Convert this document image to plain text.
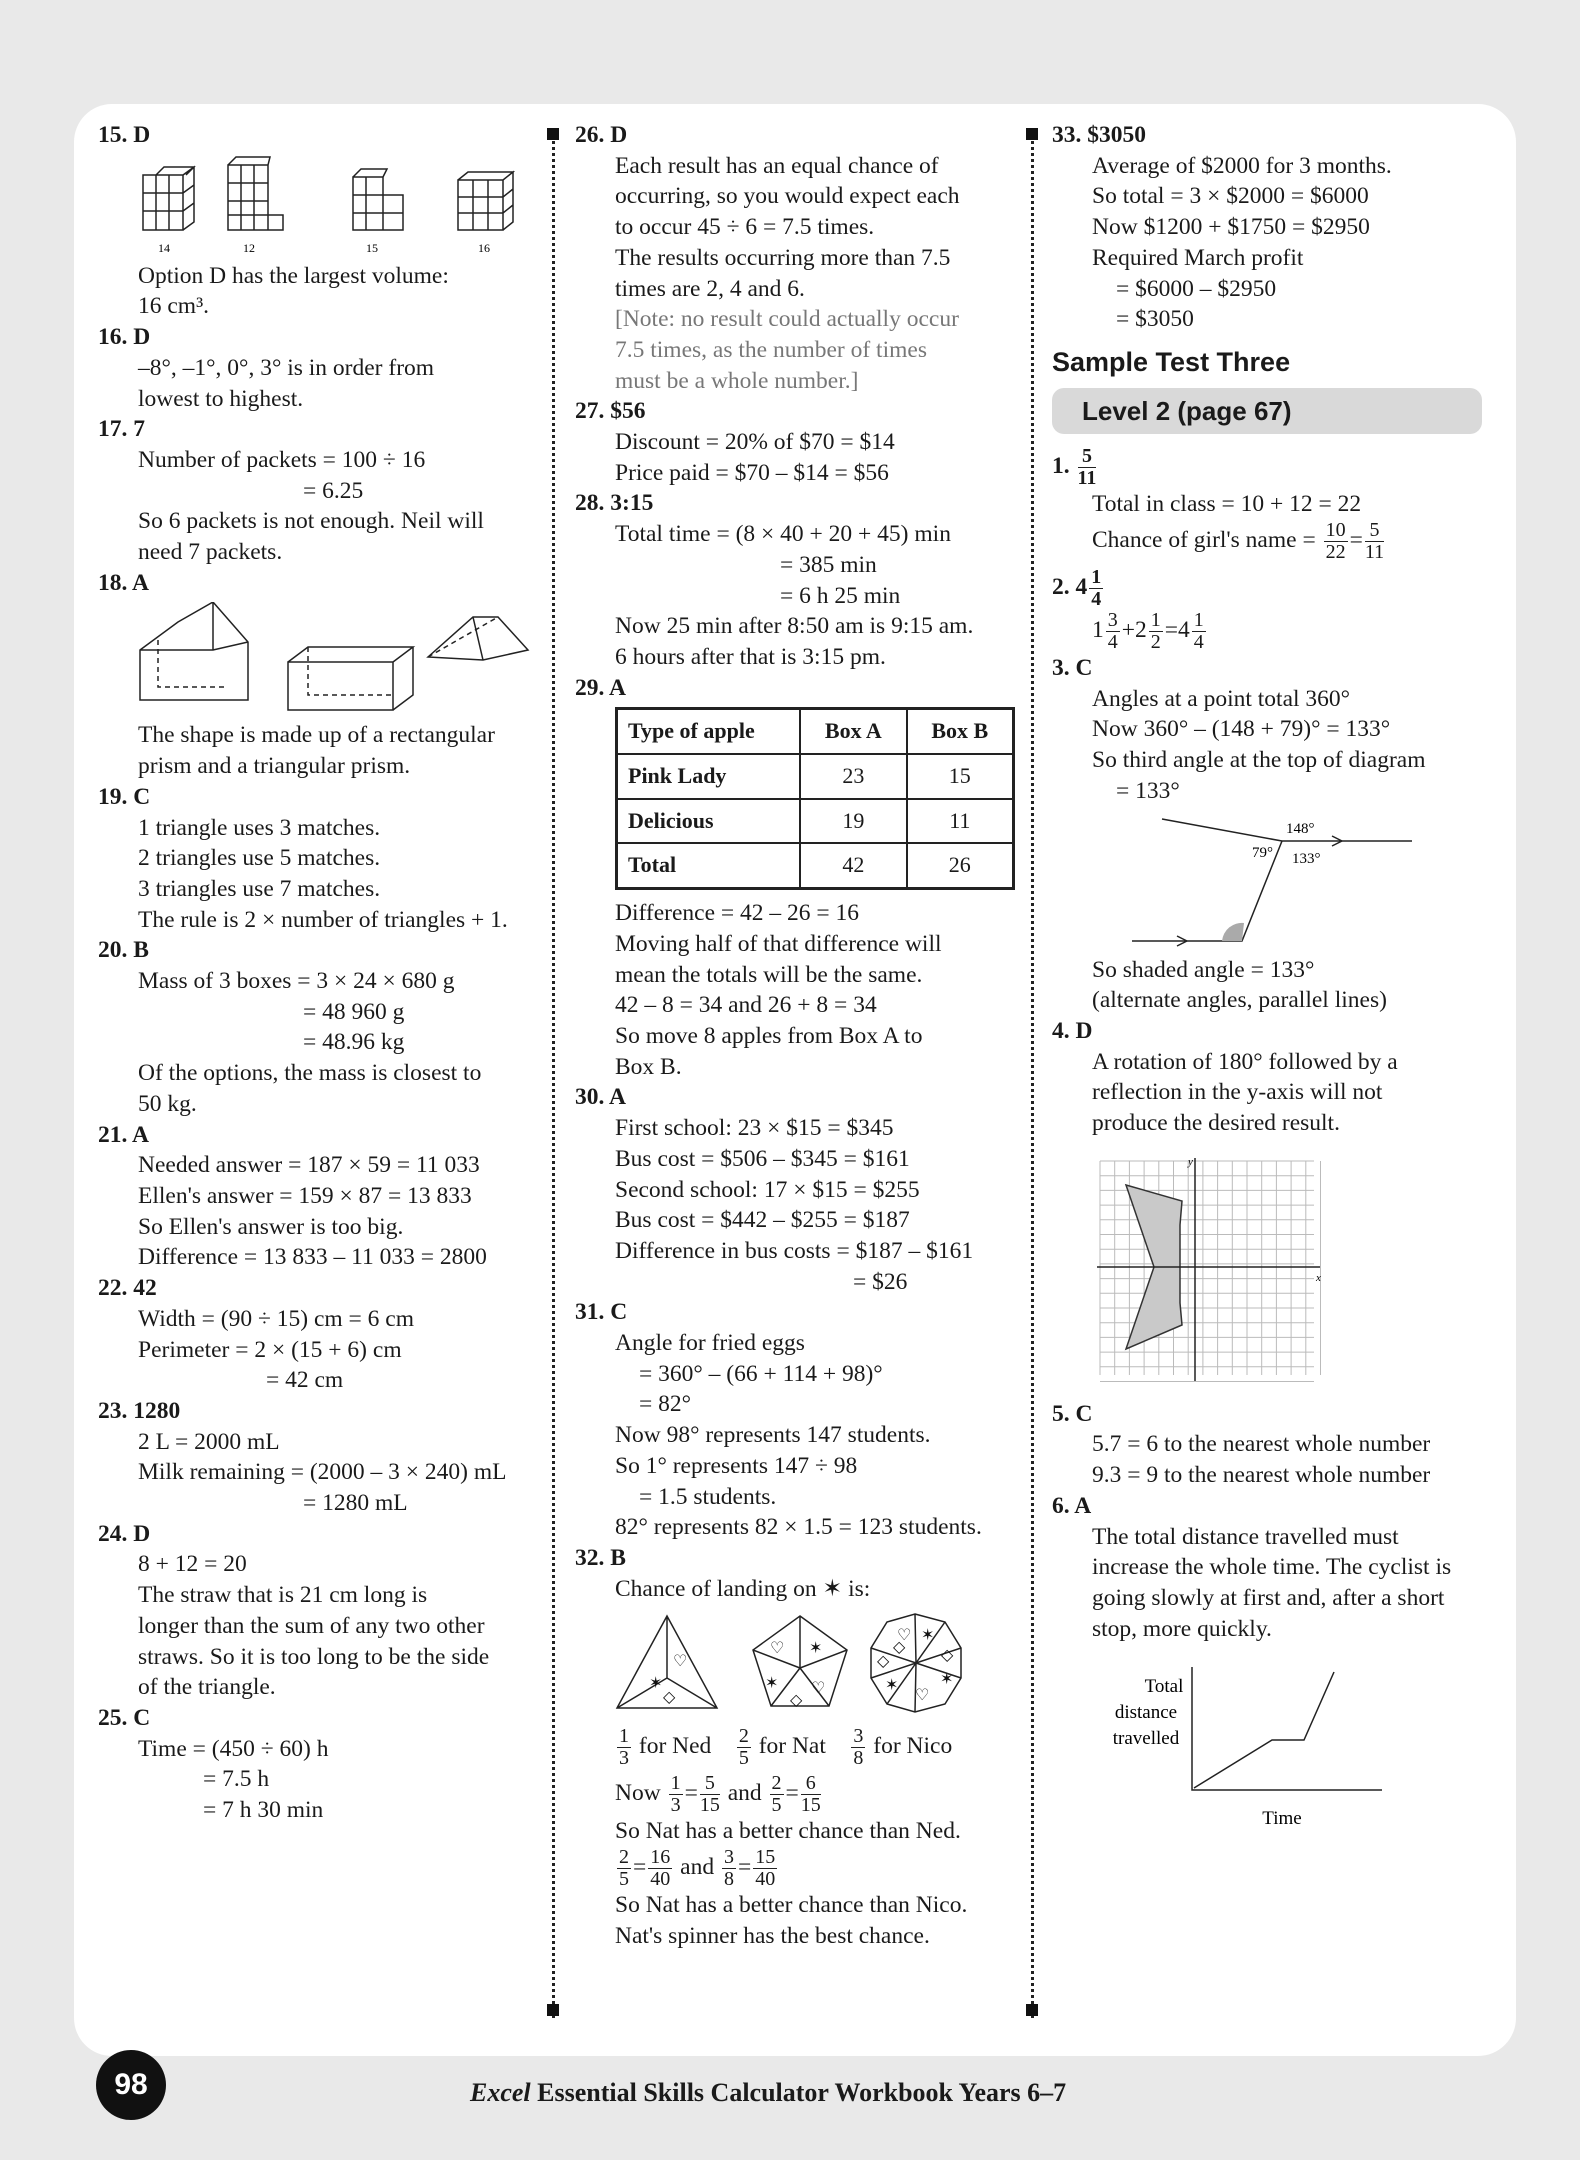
15. D

14	12	15	16

Option D has the largest volume:

16 cm³.

16. D

–8°, –1°, 0°, 3° is in order from

lowest to highest.

17. 7

Number of packets = 100 ÷ 16

= 6.25

So 6 packets is not enough. Neil will

need 7 packets.

18. A

The shape is made up of a rectangular

prism and a triangular prism.

19. C

1 triangle uses 3 matches.

2 triangles use 5 matches.

3 triangles use 7 matches.

The rule is 2 × number of triangles + 1.

20. B

Mass of 3 boxes = 3 × 24 × 680 g

= 48 960 g

= 48.96 kg

Of the options, the mass is closest to

50 kg.

21. A

Needed answer = 187 × 59 = 11 033

Ellen's answer = 159 × 87 = 13 833

So Ellen's answer is too big.

Difference = 13 833 – 11 033 = 2800

22. 42

Width = (90 ÷ 15) cm = 6 cm

Perimeter = 2 × (15 + 6) cm

= 42 cm

23. 1280

2 L = 2000 mL

Milk remaining = (2000 – 3 × 240) mL

= 1280 mL

24. D

8 + 12 = 20

The straw that is 21 cm long is

longer than the sum of any two other

straws. So it is too long to be the side

of the triangle.

25. C

Time = (450 ÷ 60) h

= 7.5 h

= 7 h 30 min

26. D

Each result has an equal chance of

occurring, so you would expect each

to occur 45 ÷ 6 = 7.5 times.

The results occurring more than 7.5

times are 2, 4 and 6.

[Note: no result could actually occur

7.5 times, as the number of times

must be a whole number.]

27. $56

Discount = 20% of $70 = $14

Price paid = $70 – $14 = $56

28. 3:15

Total time = (8 × 40 + 20 + 45) min

= 385 min

= 6 h 25 min

Now 25 min after 8:50 am is 9:15 am.

6 hours after that is 3:15 pm.

29. A

Type of apple	Box A	Box B
Pink Lady	23	15
Delicious	19	11
Total	42	26

Difference = 42 – 26 = 16

Moving half of that difference will

mean the totals will be the same.

42 – 8 = 34 and 26 + 8 = 34

So move 8 apples from Box A to

Box B.

30. A

First school: 23 × $15 = $345

Bus cost = $506 – $345 = $161

Second school: 17 × $15 = $255

Bus cost = $442 – $255 = $187

Difference in bus costs = $187 – $161

= $26

31. C

Angle for fried eggs

= 360° – (66 + 114 + 98)°

= 82°

Now 98° represents 147 students.

So 1° represents 147 ÷ 98

= 1.5 students.

82° represents 82 × 1.5 = 123 students.

32. B

Chance of landing on ✶ is:

✶
♡
◇
♡ ✶
✶ ♡
◇
♡ ✶
◇
✶
♡
✶
◇
◇

$\frac{1}{3}$ for Ned $\frac{2}{5}$ for Nat $\frac{3}{8}$ for Nico

Now $\frac{1}{3} = \frac{5}{15}$ and $\frac{2}{5} = \frac{6}{15}$

So Nat has a better chance than Ned.

$\frac{2}{5} = \frac{16}{40}$ and $\frac{3}{8} = \frac{15}{40}$

So Nat has a better chance than Nico.

Nat's spinner has the best chance.

33. $3050

Average of $2000 for 3 months.

So total = 3 × $2000 = $6000

Now $1200 + $1750 = $2950

Required March profit

= $6000 – $2950

= $3050

Sample Test Three
Level 2 (page 67)

1. $\frac{5}{11}$

Total in class = 10 + 12 = 22

Chance of girl's name = $\frac{10}{22} = \frac{5}{11}$

2. $4 \frac{1}{4}$

$1 \frac{3}{4} +2 \frac{1}{2} =4 \frac{1}{4}$

3. C

Angles at a point total 360°

Now 360° – (148 + 79)° = 133°

So third angle at the top of diagram

= 133°

148°
79° 133°

So shaded angle = 133°

(alternate angles, parallel lines)

4. D

A rotation of 180° followed by a

reflection in the y-axis will not

produce the desired result.

x
y

5. C

5.7 = 6 to the nearest whole number

9.3 = 9 to the nearest whole number

6. A

The total distance travelled must

increase the whole time. The cyclist is

going slowly at first and, after a short

stop, more quickly.

Total
distance
travelled
Time
98	Excel Essential Skills Calculator Workbook Years 6–7
